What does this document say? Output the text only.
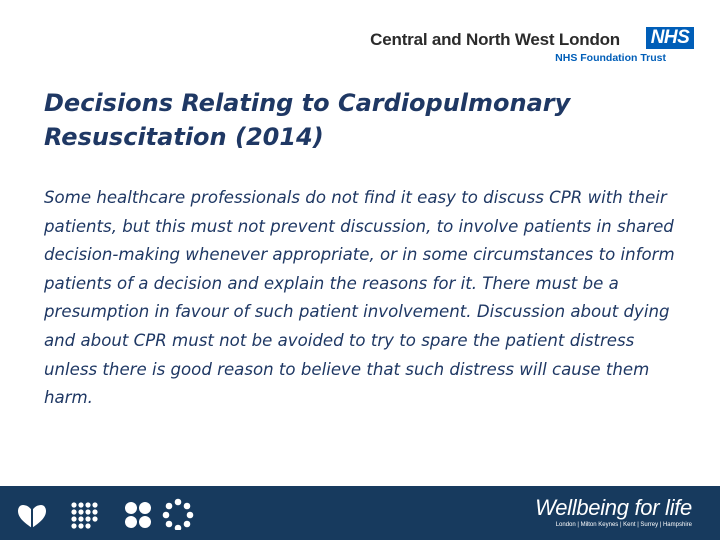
Central and North West London NHS
NHS Foundation Trust
Decisions Relating to Cardiopulmonary Resuscitation (2014)

Some healthcare professionals do not find it easy to discuss CPR with their patients, but this must not prevent discussion, to involve patients in shared decision-making whenever appropriate, or in some circumstances to inform patients of a decision and explain the reasons for it. There must be a presumption in favour of such patient involvement. Discussion about dying and about CPR must not be avoided to try to spare the patient distress unless there is good reason to believe that such distress will cause them harm.

Wellbeing for life
London | Milton Keynes | Kent | Surrey | Hampshire
